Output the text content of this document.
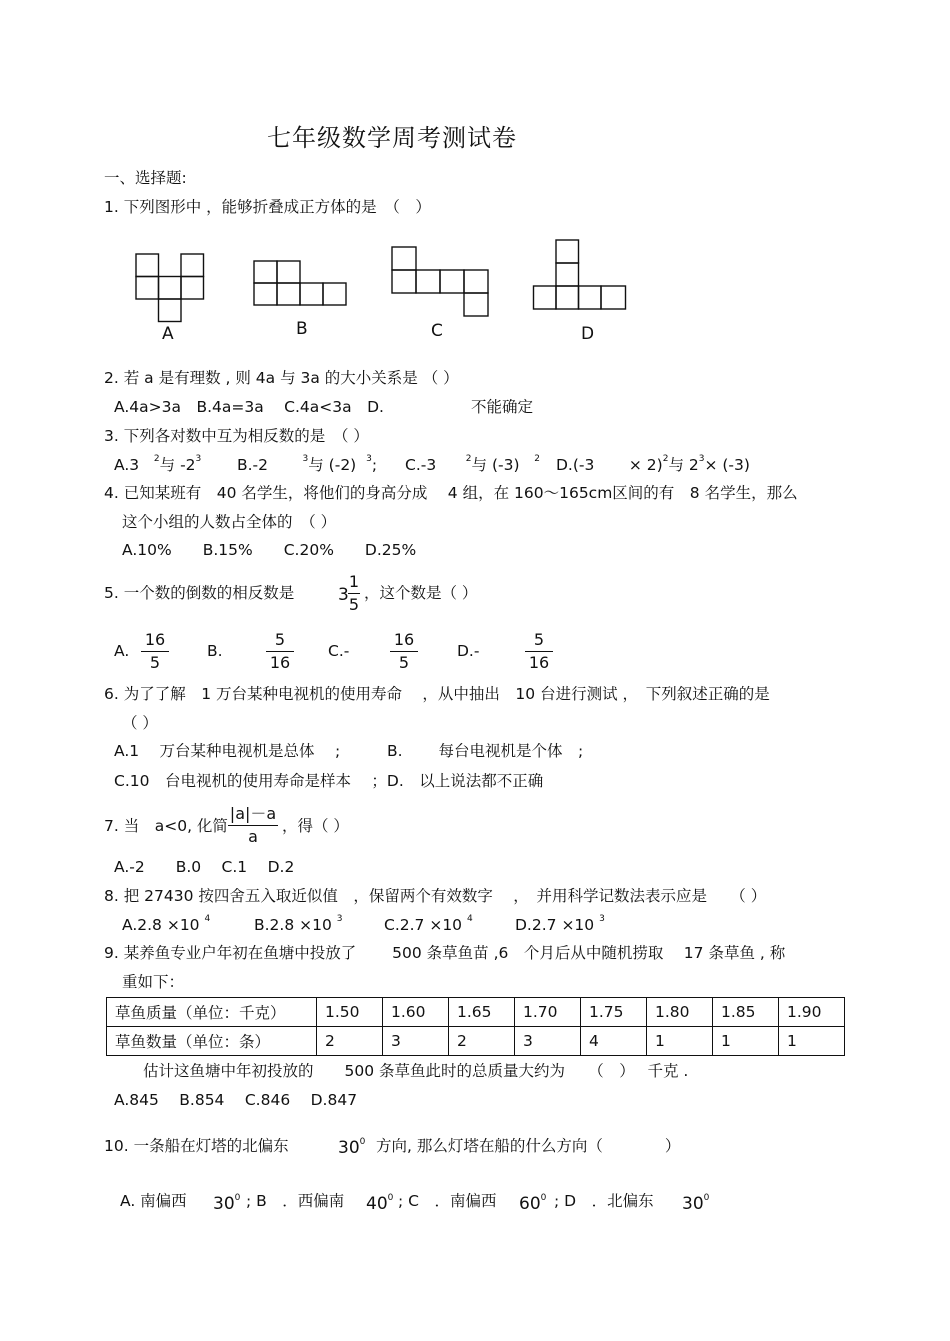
七年级数学周考测试卷
一、选择题:
1. 下列图形中 ，能够折叠成正方体的是　（　）
A	B	C	D
2. 若 a 是有理数 , 则 4a 与 3a 的大小关系是 （ ）
A.4a>3a　B.4a=3a　 C.4a<3a　D.	不能确定
3. 下列各对数中互为相反数的是　（ ）
A.3 $^2$与 $-2^3$ B.-2	$^3$与 (-2) $^3$; C.-3	$^2$与 (-3) $^2$ $D.(-3 \times 2)^2$与 $2^3\times (-3)$
4. 已知某班有　40 名学生，将他们的身高分成　 4 组，在 160～165cm区间的有　8 名学生，那么
这个小组的人数占全体的　（ ）
A.10%　　B.15%　　C.20%　　D.25%
5. 一个数的倒数的相反数是	3
1
5
，这个数是（ ）
A.
16
5
B.
5
16
C.-
16
5
D.-
5
16
6. 为了了解　1 万台某种电视机的使用寿命　 ，从中抽出　10 台进行测试 ，　下列叙述正确的是
（ ）
A.1　 万台某种电视机是总体　 ;	B.　　 每台电视机是个体　;
C.10　台电视机的使用寿命是样本　 ；D.　以上说法都不正确
7. 当　a<0, 化简
|a|－a
a
，得（ ）
A.-2　　B.0　 C.1　 D.2
8. 把 27430 按四舍五入取近似值　，保留两个有效数字　 ，　并用科学记数法表示应是　　（ ）
A.2.8 ×10 $^4$	B.2.8 ×10 $^3$	C.2.7 ×10 $^4$	D.2.7 ×10 $^3$
9. 某养鱼专业户年初在鱼塘中投放了　　 500 条草鱼苗 ,6　个月后从中随机捞取　 17 条草鱼 , 称
重如下：
草鱼质量（单位：千克）	1.50	1.60	1.65	1.70	1.75	1.80	1.85	1.90
草鱼数量（单位：条）	2	3	2	3	4	1	1	1
估计这鱼塘中年初投放的　　500 条草鱼此时的总质量大约为　　（　）　 千克 .
A.845　 B.854　 C.846　 D.847
10. 一条船在灯塔的北偏东	$30^0$ 方向, 那么灯塔在船的什么方向（　　　　）
A. 南偏西 $30^0$ ; B　．西偏南 $40^0$ ; C　．南偏西 $60^0$ ; D　．北偏东 $30^0$
